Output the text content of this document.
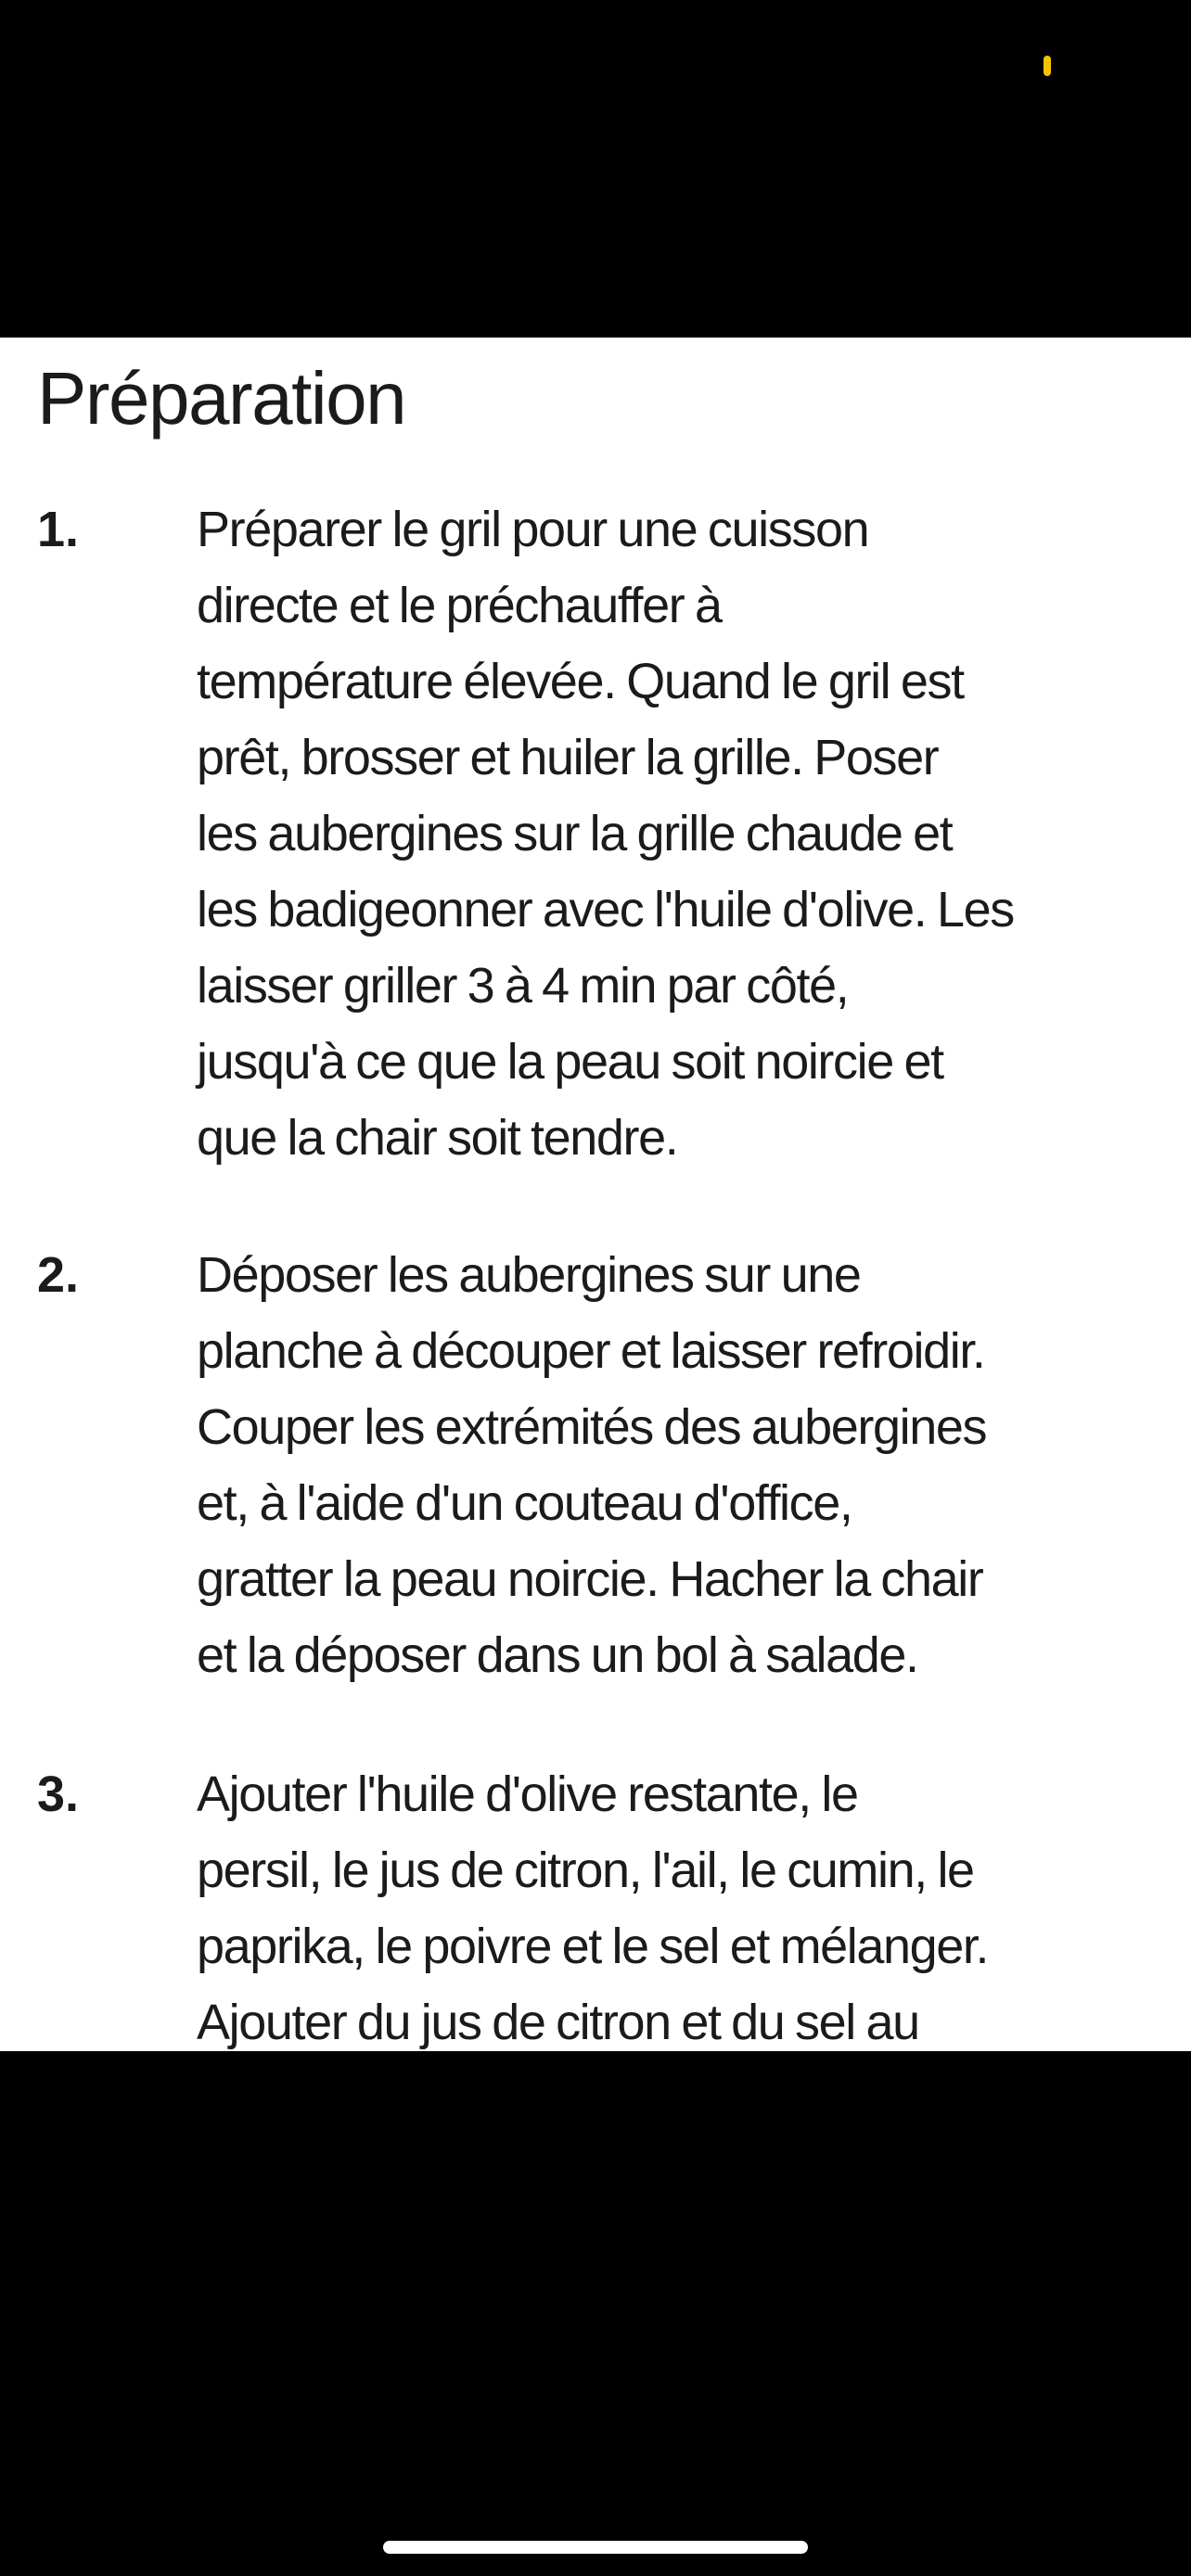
Préparation
1. Préparer le gril pour une cuisson
directe et le préchauffer à
température élevée. Quand le gril est
prêt, brosser et huiler la grille. Poser
les aubergines sur la grille chaude et
les badigeonner avec l'huile d'olive. Les
laisser griller 3 à 4 min par côté,
jusqu'à ce que la peau soit noircie et
que la chair soit tendre.

2. Déposer les aubergines sur une
planche à découper et laisser refroidir.
Couper les extrémités des aubergines
et, à l'aide d'un couteau d'office,
gratter la peau noircie. Hacher la chair
et la déposer dans un bol à salade.

3. Ajouter l'huile d'olive restante, le
persil, le jus de citron, l'ail, le cumin, le
paprika, le poivre et le sel et mélanger.
Ajouter du jus de citron et du sel au
